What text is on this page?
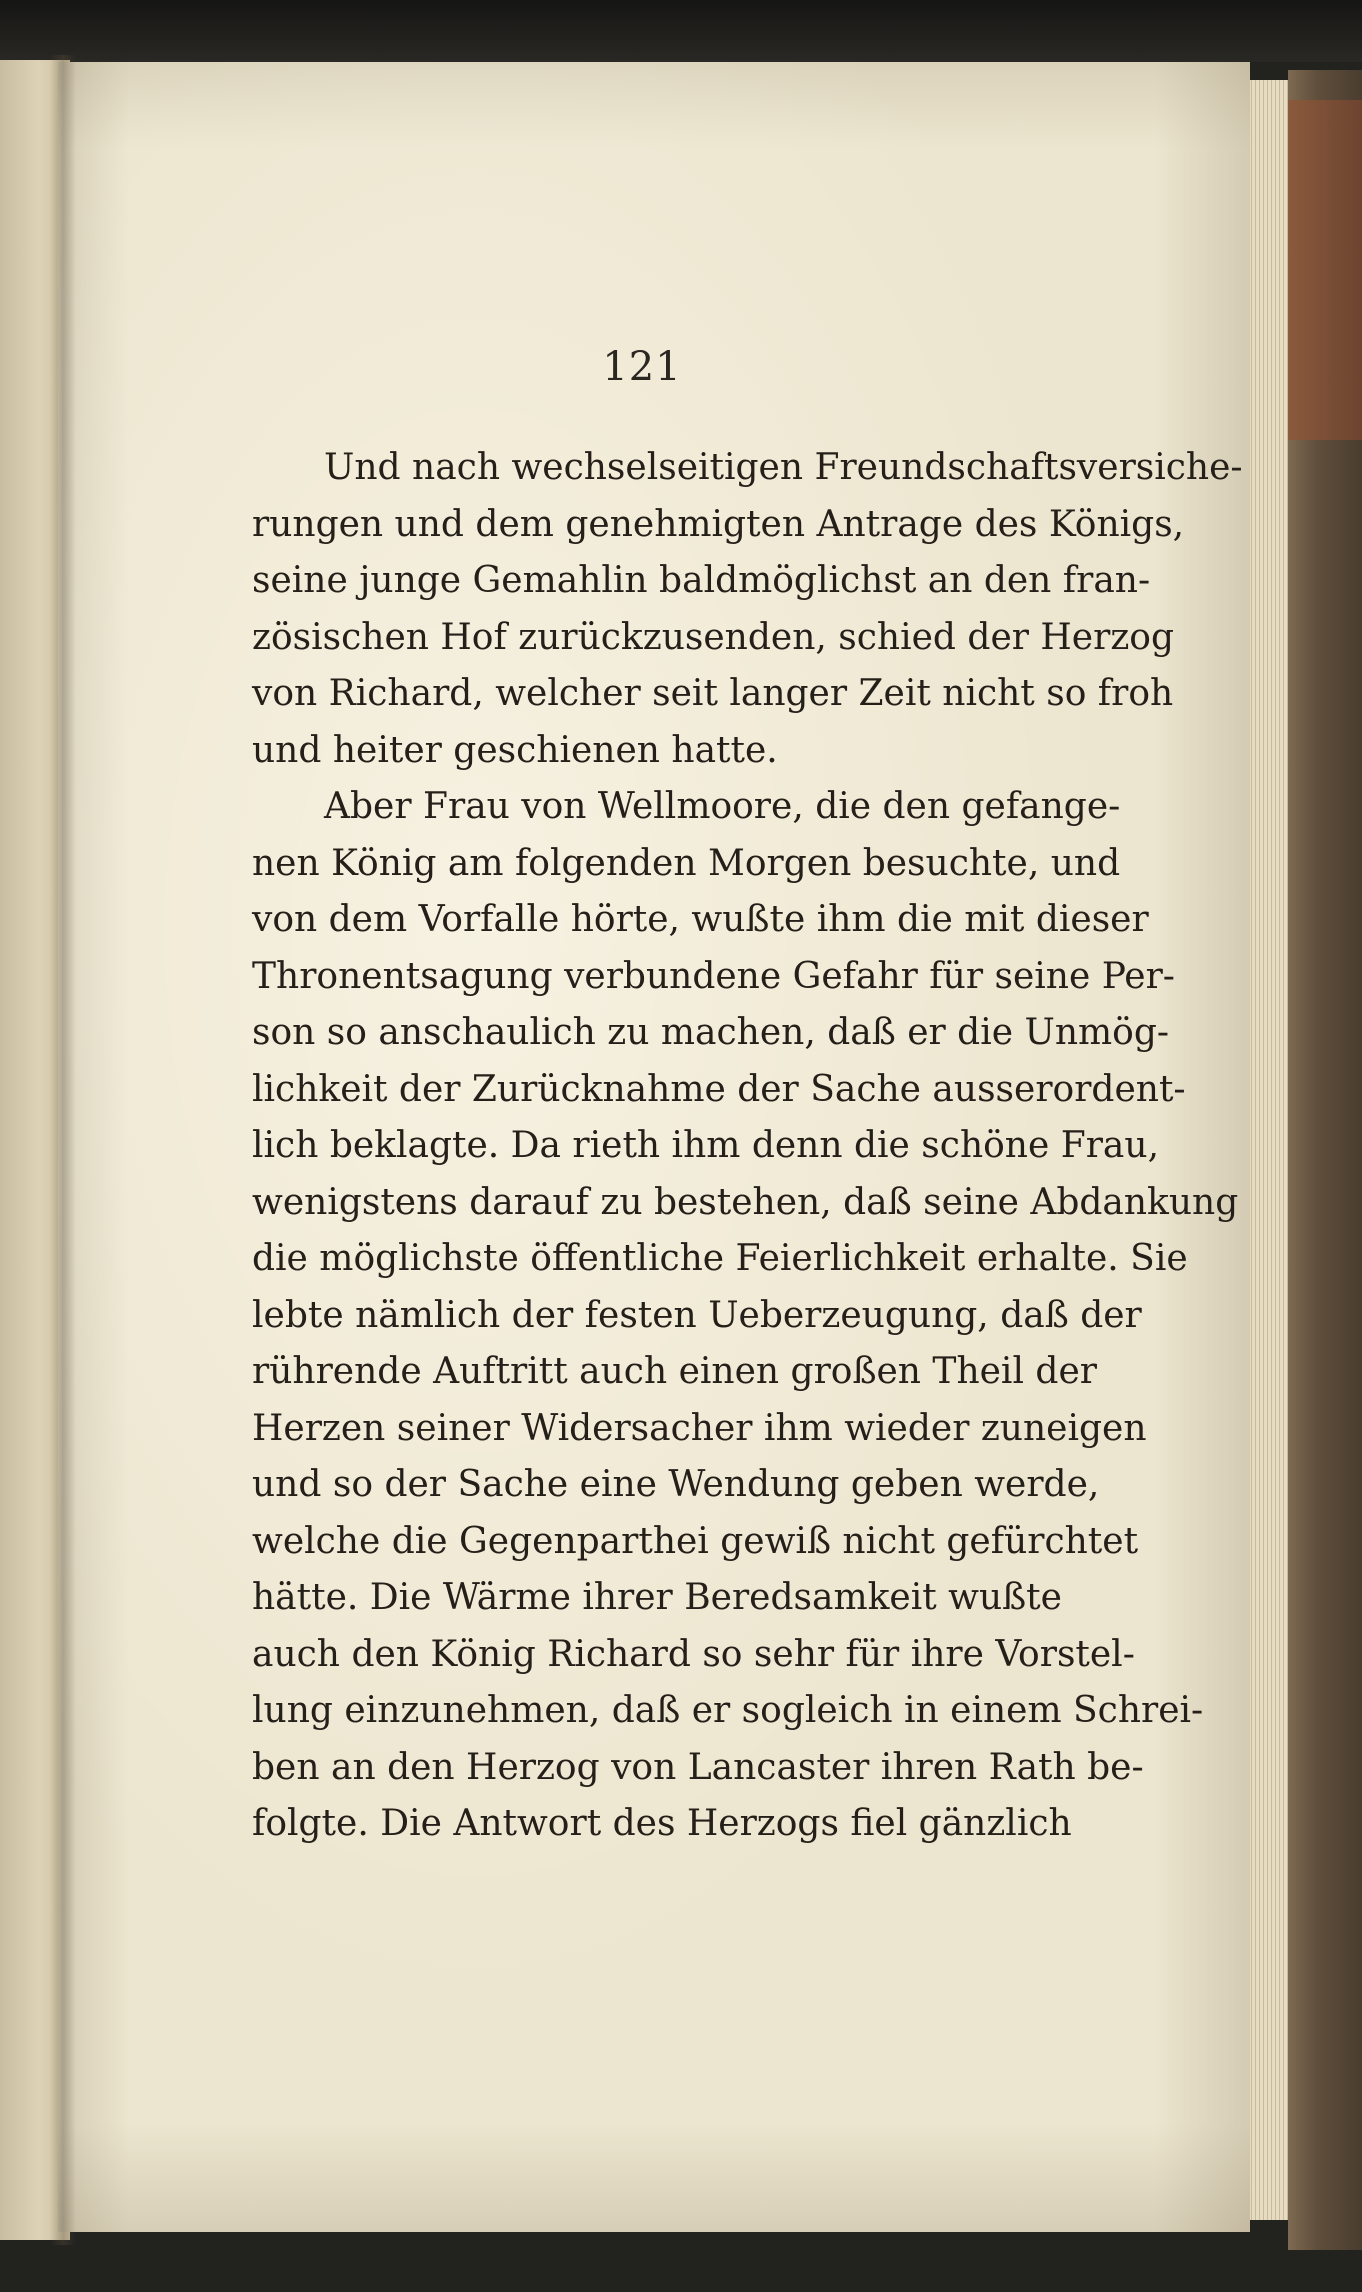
121
Und nach wechselseitigen Freundschaftsversiche-
rungen und dem genehmigten Antrage des Königs,
seine junge Gemahlin baldmöglichst an den fran-
zösischen Hof zurückzusenden, schied der Herzog
von Richard, welcher seit langer Zeit nicht so froh
und heiter geschienen hatte.
Aber Frau von Wellmoore, die den gefange-
nen König am folgenden Morgen besuchte, und
von dem Vorfalle hörte, wußte ihm die mit dieser
Thronentsagung verbundene Gefahr für seine Per-
son so anschaulich zu machen, daß er die Unmög-
lichkeit der Zurücknahme der Sache ausserordent-
lich beklagte. Da rieth ihm denn die schöne Frau,
wenigstens darauf zu bestehen, daß seine Abdankung
die möglichste öffentliche Feierlichkeit erhalte. Sie
lebte nämlich der festen Ueberzeugung, daß der
rührende Auftritt auch einen großen Theil der
Herzen seiner Widersacher ihm wieder zuneigen
und so der Sache eine Wendung geben werde,
welche die Gegenparthei gewiß nicht gefürchtet
hätte. Die Wärme ihrer Beredsamkeit wußte
auch den König Richard so sehr für ihre Vorstel-
lung einzunehmen, daß er sogleich in einem Schrei-
ben an den Herzog von Lancaster ihren Rath be-
folgte. Die Antwort des Herzogs fiel gänzlich
